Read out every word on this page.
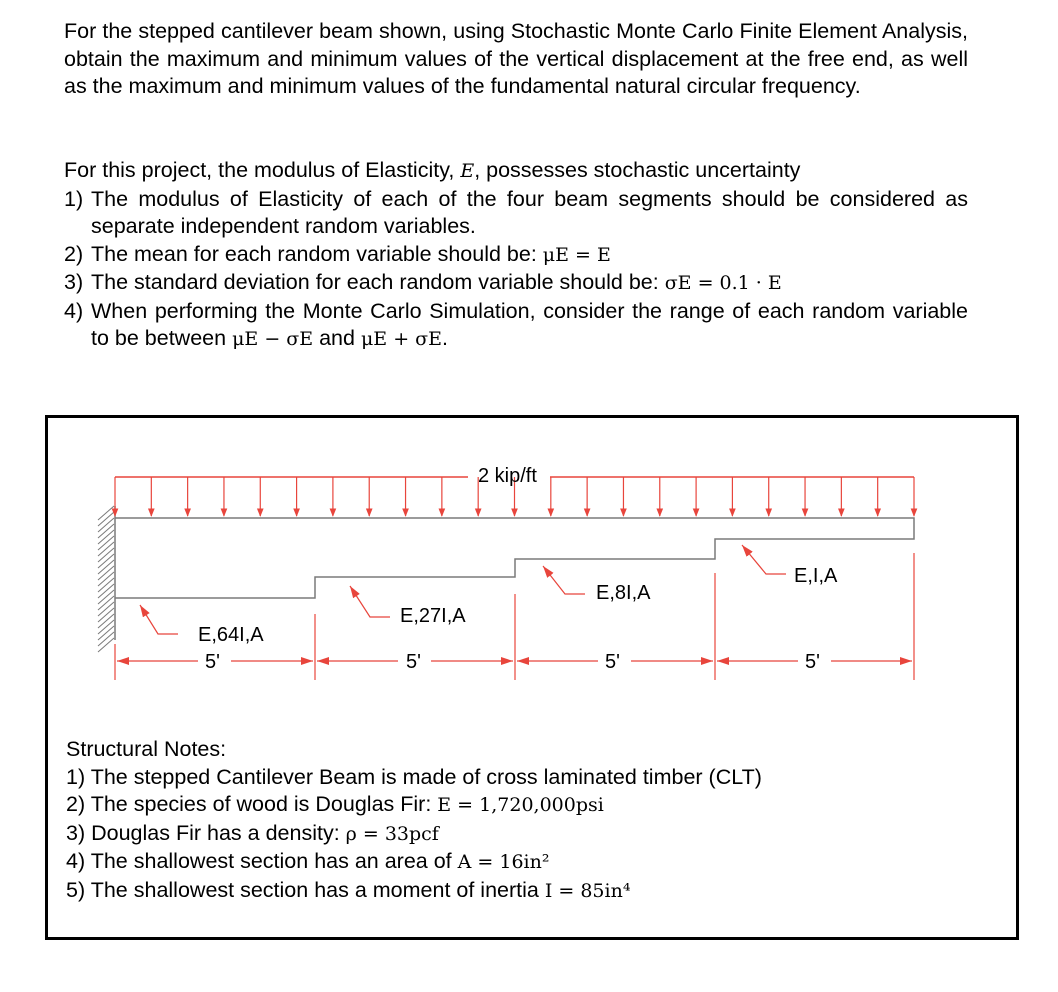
For the stepped cantilever beam shown, using Stochastic Monte Carlo Finite Element Analysis, obtain the maximum and minimum values of the vertical displacement at the free end, as well as the maximum and minimum values of the fundamental natural circular frequency.

For this project, the modulus of Elasticity, E, possesses stochastic uncertainty

1) The modulus of Elasticity of each of the four beam segments should be considered as separate independent random variables.
2) The mean for each random variable should be: μE = E
3) The standard deviation for each random variable should be: σE = 0.1 · E
4) When performing the Monte Carlo Simulation, consider the range of each random variable to be between μE − σE and μE + σE.
2 kip/ft
E,64I,A
E,27I,A
E,8I,A
E,I,A
5'	5'	5'	5'

Structural Notes:

1) The stepped Cantilever Beam is made of cross laminated timber (CLT)

2) The species of wood is Douglas Fir: E = 1,720,000psi

3) Douglas Fir has a density: ρ = 33pcf

4) The shallowest section has an area of A = 16in²

5) The shallowest section has a moment of inertia I = 85in⁴
